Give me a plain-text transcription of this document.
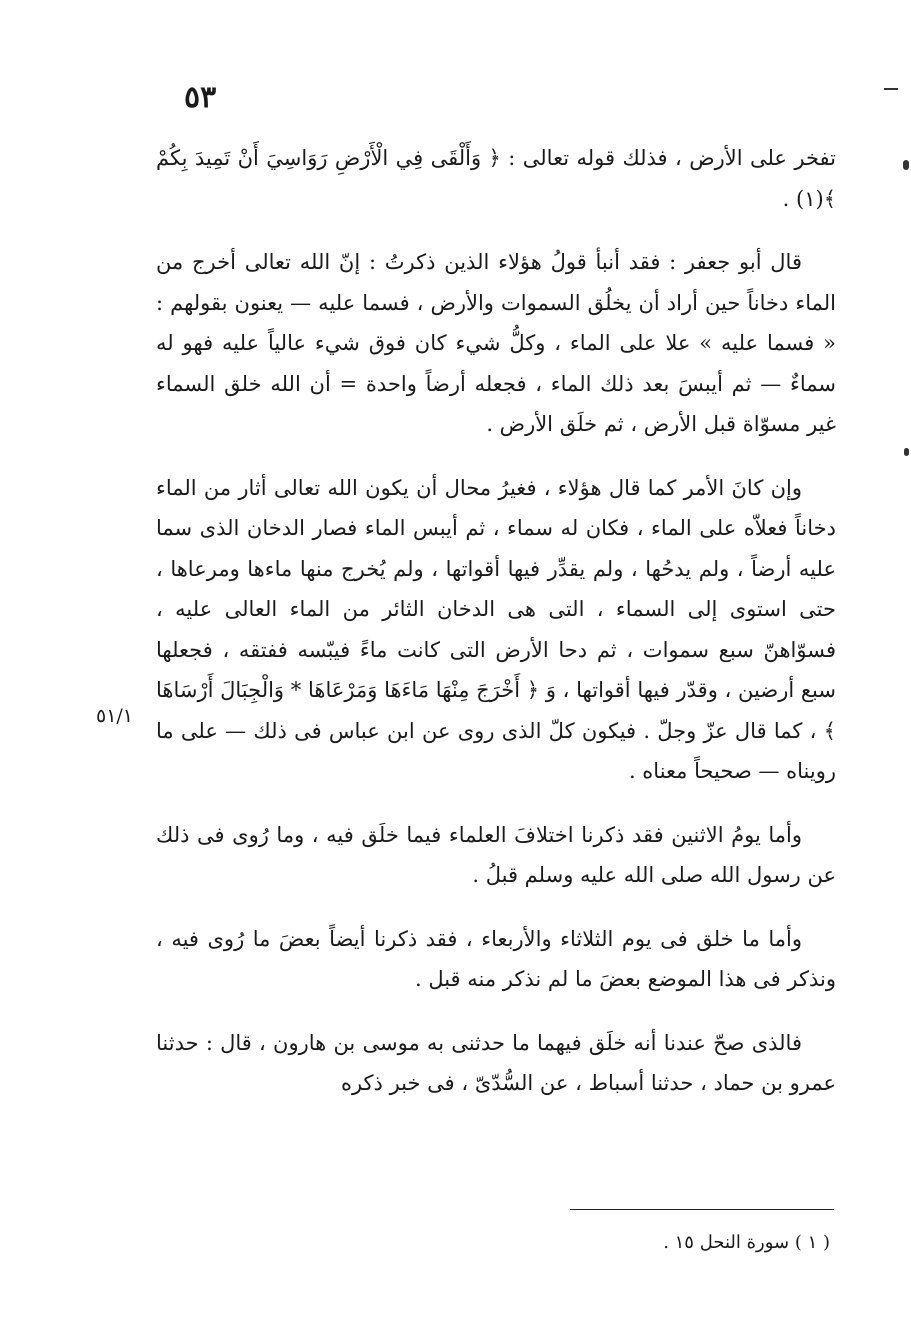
٥٣

تفخر على الأرض ، فذلك قوله تعالى : ﴿ وَأَلْقَى فِي الْأَرْضِ رَوَاسِيَ أَنْ تَمِيدَ بِكُمْ ﴾(١) .

قال أبو جعفر : فقد أنبأ قولُ هؤلاء الذين ذكرتُ : إنّ الله تعالى أخرج من الماء دخاناً حين أراد أن يخلُق السموات والأرض ، فسما عليه — يعنون بقولهم : « فسما عليه » علا على الماء ، وكلُّ شيء كان فوق شيء عالياً عليه فهو له سماءٌ — ثم أيبسَ بعد ذلك الماء ، فجعله أرضاً واحدة = أن الله خلق السماء غير مسوّاة قبل الأرض ، ثم خلَق الأرض .

وإن كانَ الأمر كما قال هؤلاء ، فغيرُ محال أن يكون الله تعالى أثار من الماء دخاناً فعلاّه على الماء ، فكان له سماء ، ثم أيبس الماء فصار الدخان الذى سما عليه أرضاً ، ولم يدحُها ، ولم يقدِّر فيها أقواتها ، ولم يُخرج منها ماءها ومرعاها ، حتى استوى إلى السماء ، التى هى الدخان الثائر من الماء العالى عليه ، فسوّاهنّ سبع سموات ، ثم دحا الأرض التى كانت ماءً فيبّسه ففتقه ، فجعلها سبع أرضين ، وقدّر فيها أقواتها ، وَ ﴿ أَخْرَجَ مِنْهَا مَاءَهَا وَمَرْعَاهَا * وَالْجِبَالَ أَرْسَاهَا ﴾ ، كما قال عزّ وجلّ . فيكون كلّ الذى روى عن ابن عباس فى ذلك — على ما رويناه — صحيحاً معناه .

وأما يومُ الاثنين فقد ذكرنا اختلافَ العلماء فيما خلَق فيه ، وما رُوى فى ذلك عن رسول الله صلى الله عليه وسلم قبلُ .

وأما ما خلق فى يوم الثلاثاء والأربعاء ، فقد ذكرنا أيضاً بعضَ ما رُوى فيه ، ونذكر فى هذا الموضع بعضَ ما لم نذكر منه قبل .

فالذى صحّ عندنا أنه خلَق فيهما ما حدثنى به موسى بن هارون ، قال : حدثنا عمرو بن حماد ، حدثنا أسباط ، عن السُّدّىّ ، فى خبر ذكره

٥١/١
( ١ ) سورة النحل ١٥ .
